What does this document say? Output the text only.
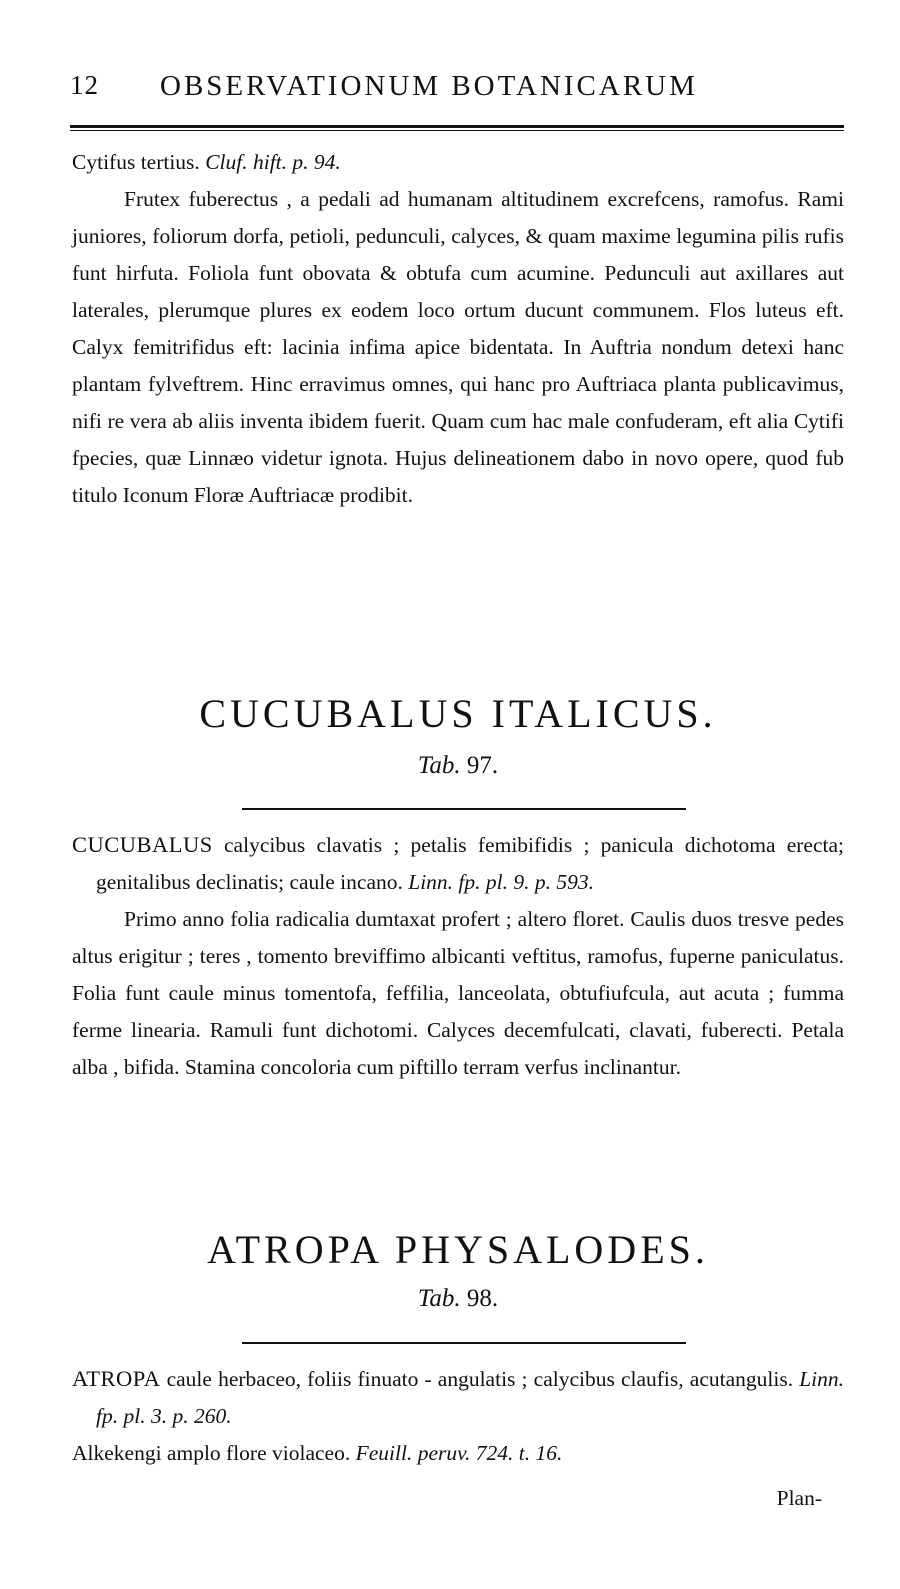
12 OBSERVATIONUM BOTANICARUM

Cytifus tertius. Cluf. hift. p. 94.

Frutex fuberectus , a pedali ad humanam altitudinem excrefcens, ramofus. Rami juniores, foliorum dorfa, petioli, pedunculi, calyces, & quam maxime legumina pilis rufis funt hirfuta. Foliola funt obovata & obtufa cum acumine. Pedunculi aut axillares aut laterales, plerumque plures ex eodem loco ortum ducunt communem. Flos luteus eft. Calyx femitrifidus eft: lacinia infima apice bidentata. In Auftria nondum detexi hanc plantam fylveftrem. Hinc erravimus omnes, qui hanc pro Auftriaca planta publicavimus, nifi re vera ab aliis inventa ibidem fuerit. Quam cum hac male confuderam, eft alia Cytifi fpecies, quæ Linnæo videtur ignota. Hujus delineationem dabo in novo opere, quod fub titulo Iconum Floræ Auftriacæ prodibit.

CUCUBALUS ITALICUS.
Tab. 97.

CUCUBALUS calycibus clavatis ; petalis femibifidis ; panicula dichotoma erecta; genitalibus declinatis; caule incano. Linn. fp. pl. 9. p. 593.

Primo anno folia radicalia dumtaxat profert ; altero floret. Caulis duos tresve pedes altus erigitur ; teres , tomento breviffimo albicanti veftitus, ramofus, fuperne paniculatus. Folia funt caule minus tomentofa, feffilia, lanceolata, obtufiufcula, aut acuta ; fumma ferme linearia. Ramuli funt dichotomi. Calyces decemfulcati, clavati, fuberecti. Petala alba , bifida. Stamina concoloria cum piftillo terram verfus inclinantur.

ATROPA PHYSALODES.
Tab. 98.

ATROPA caule herbaceo, foliis finuato - angulatis ; calycibus claufis, acutangulis. Linn. fp. pl. 3. p. 260.

Alkekengi amplo flore violaceo. Feuill. peruv. 724. t. 16.

Plan-
